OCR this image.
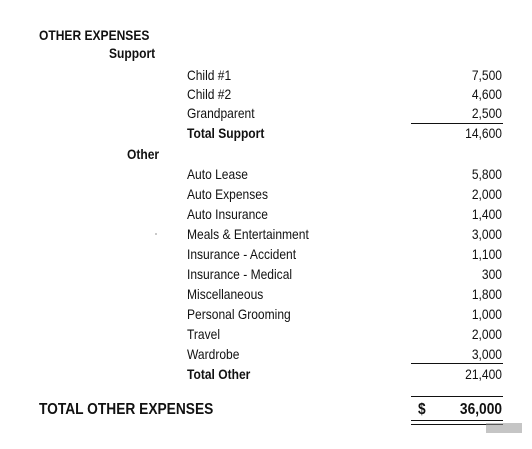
OTHER EXPENSES
Support
Child #1	7,500
Child #2	4,600
Grandparent	2,500
Total Support	14,600
Other
Auto Lease	5,800
Auto Expenses	2,000
Auto Insurance	1,400
Meals & Entertainment	3,000
Insurance - Accident	1,100
Insurance - Medical	300
Miscellaneous	1,800
Personal Grooming	1,000
Travel	2,000
Wardrobe	3,000
Total Other	21,400
TOTAL OTHER EXPENSES	$	36,000
